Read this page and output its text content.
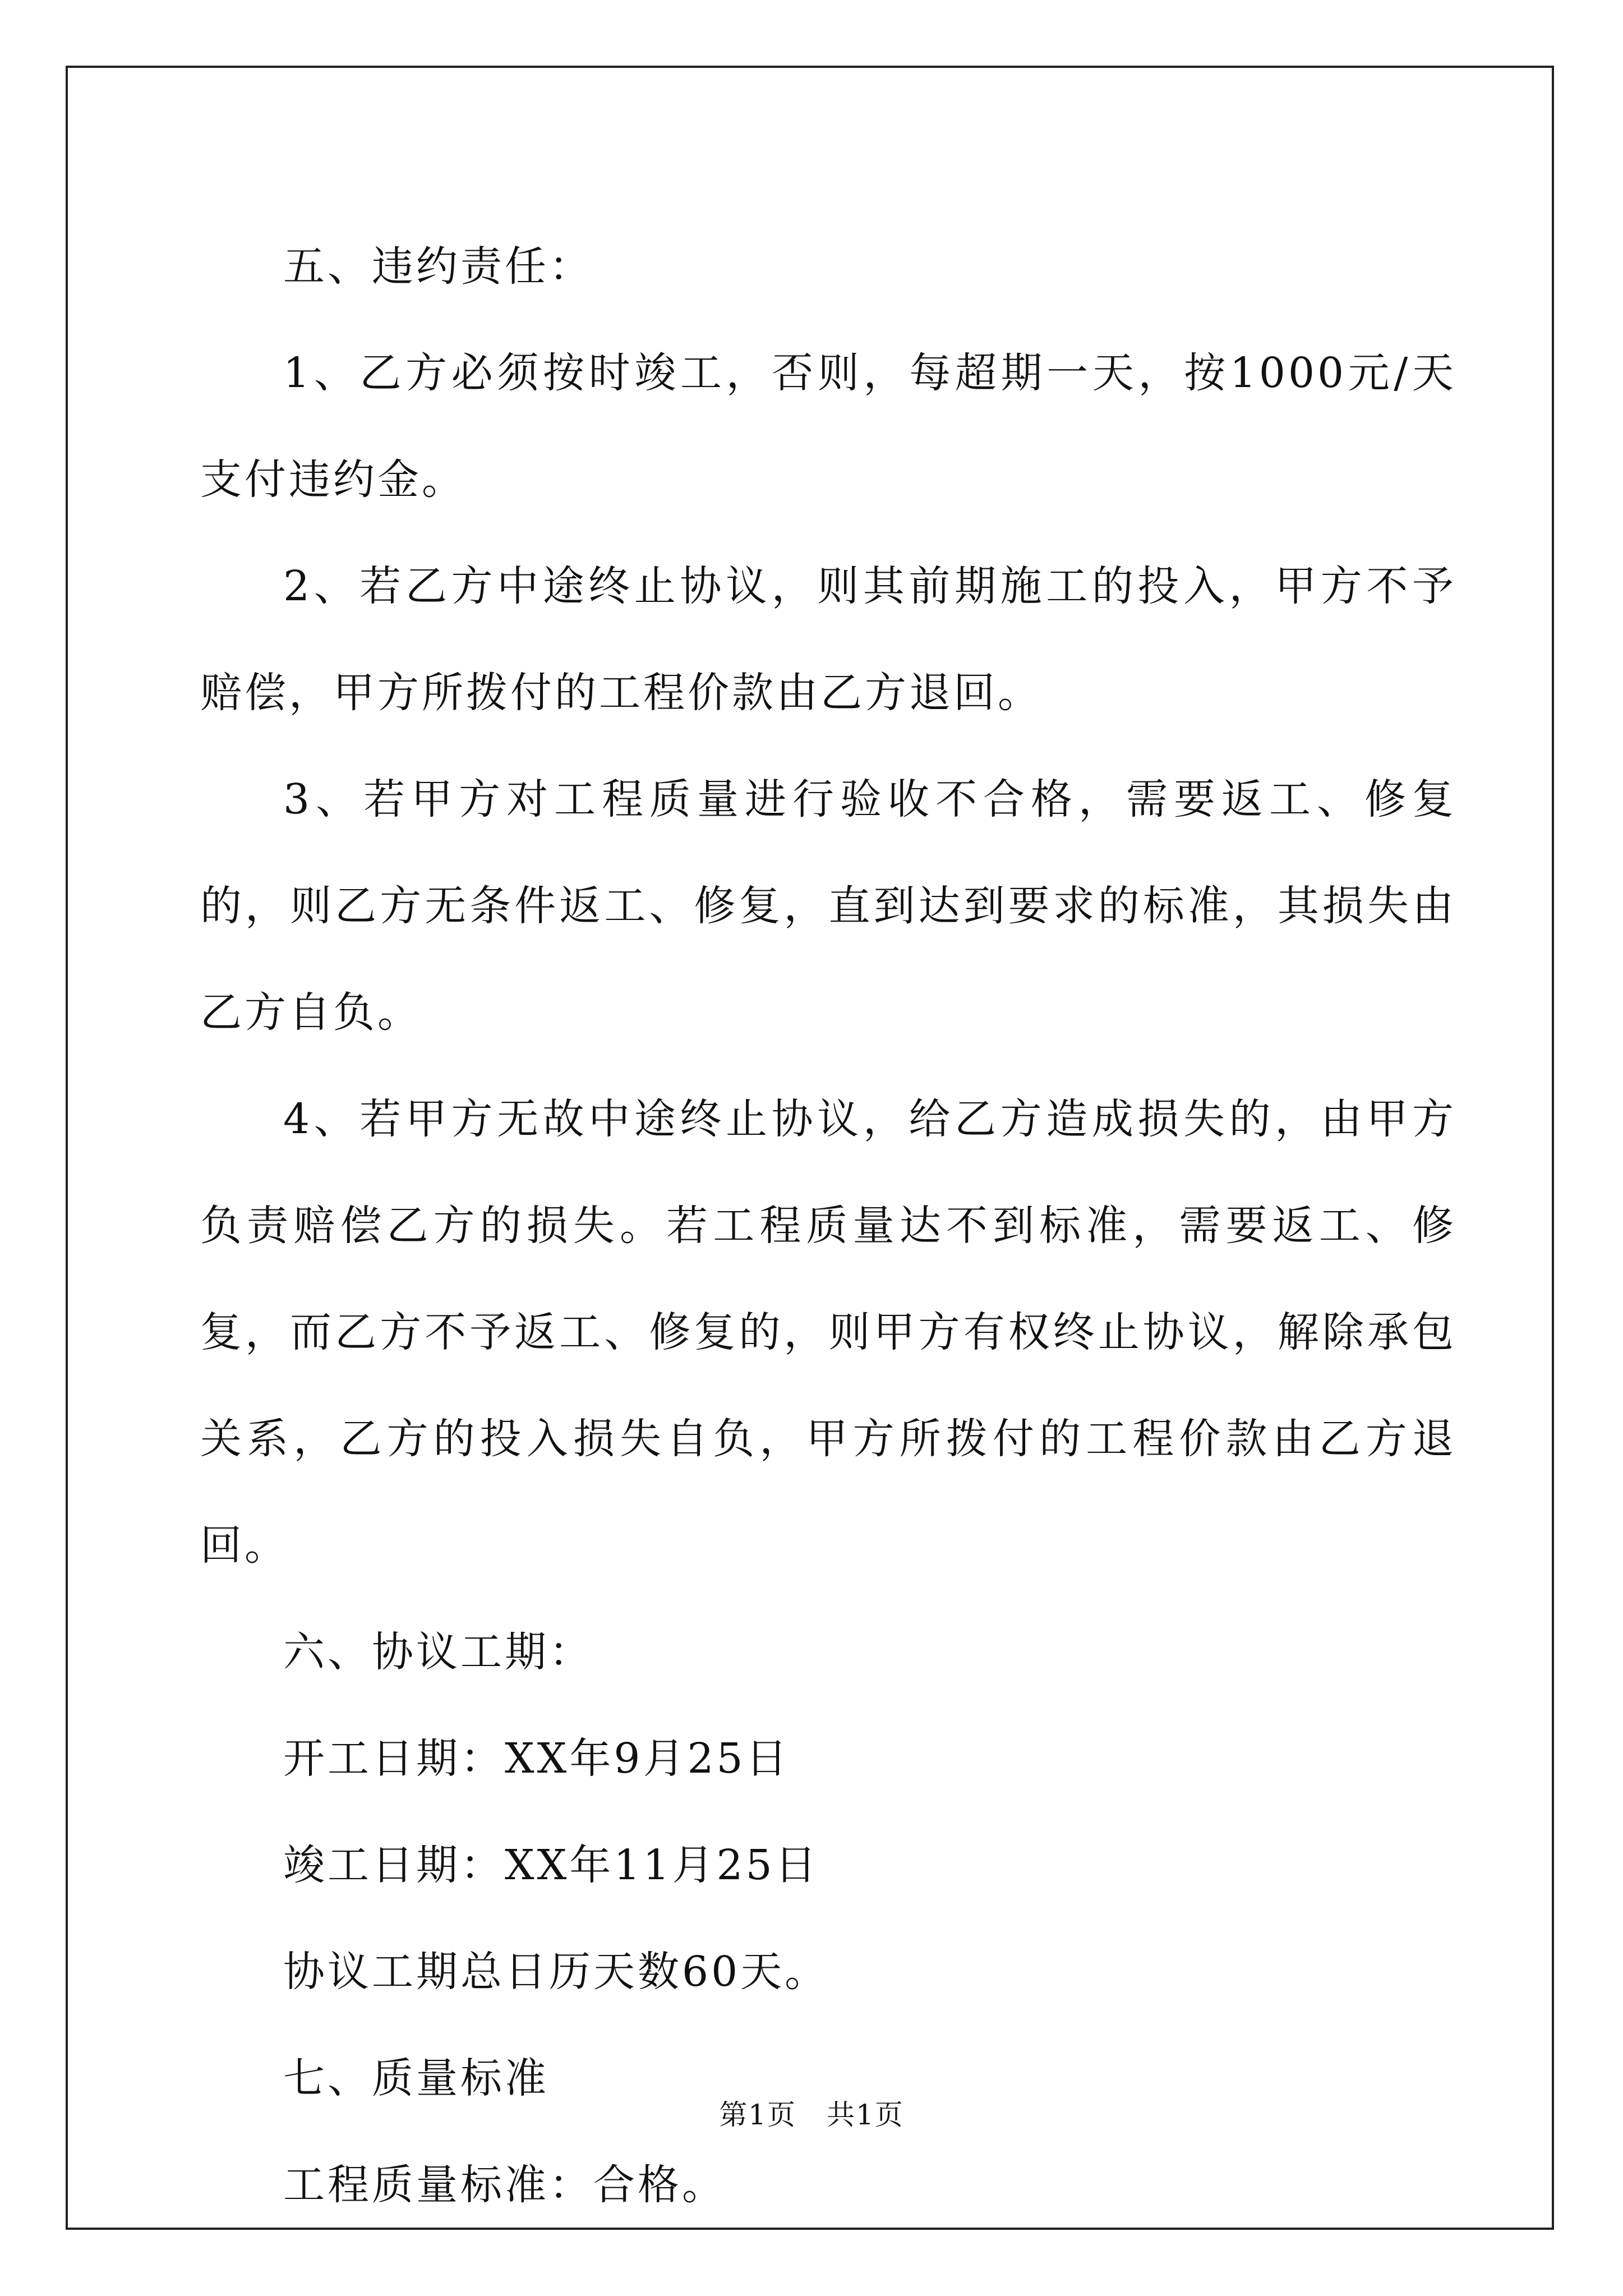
五、违约责任：

1、乙方必须按时竣工，否则，每超期一天，按1000元/天支付违约金。

2、若乙方中途终止协议，则其前期施工的投入，甲方不予赔偿，甲方所拨付的工程价款由乙方退回。

3、若甲方对工程质量进行验收不合格，需要返工、修复的，则乙方无条件返工、修复，直到达到要求的标准，其损失由乙方自负。

4、若甲方无故中途终止协议，给乙方造成损失的，由甲方负责赔偿乙方的损失。若工程质量达不到标准，需要返工、修复，而乙方不予返工、修复的，则甲方有权终止协议，解除承包关系，乙方的投入损失自负，甲方所拨付的工程价款由乙方退回。

六、协议工期：

开工日期：XX年9月25日

竣工日期：XX年11月25日

协议工期总日历天数60天。

七、质量标准

工程质量标准：合格。

第1页 共1页
